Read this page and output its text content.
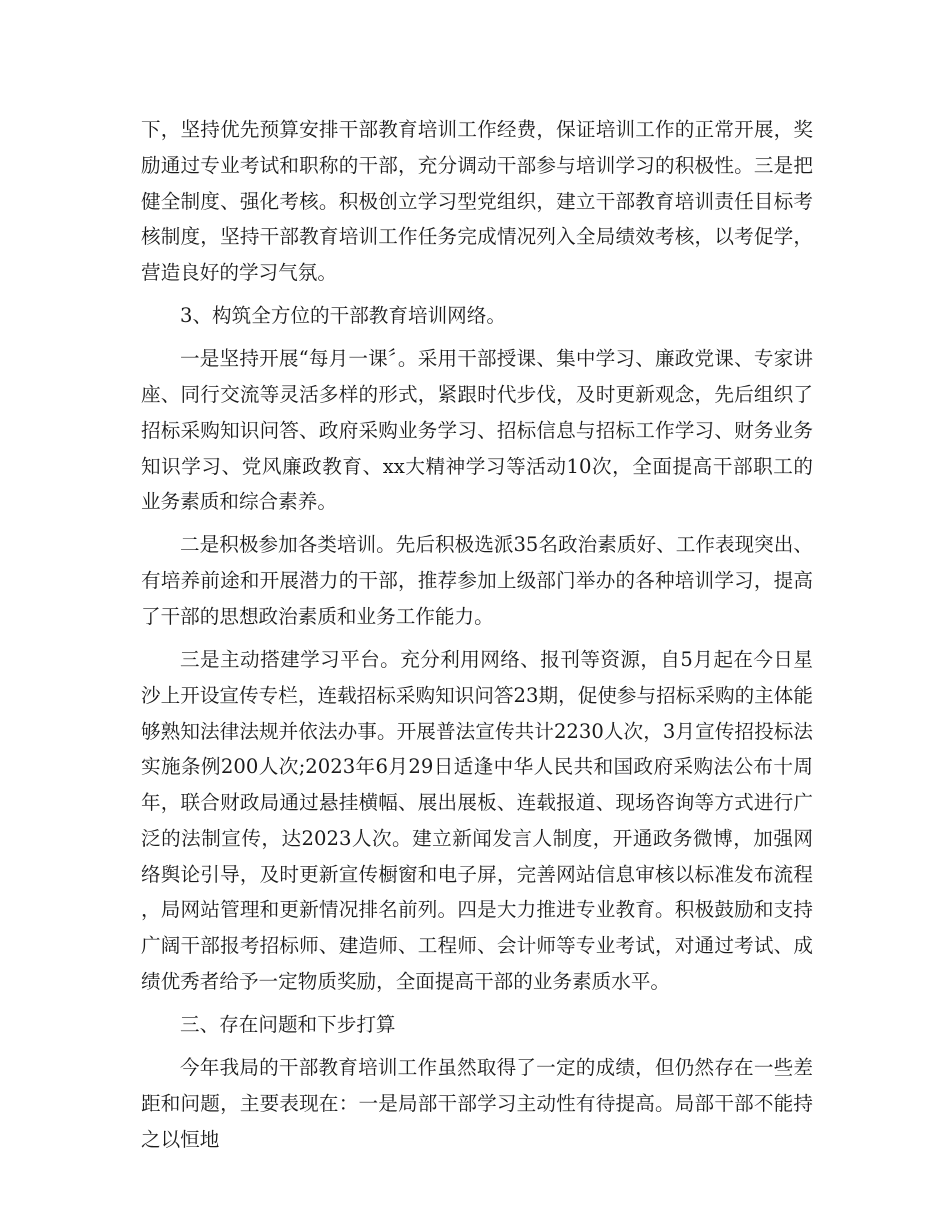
下，坚持优先预算安排干部教育培训工作经费，保证培训工作的正常开展，奖励通过专业考试和职称的干部，充分调动干部参与培训学习的积极性。三是把健全制度、强化考核。积极创立学习型党组织，建立干部教育培训责任目标考核制度，坚持干部教育培训工作任务完成情况列入全局绩效考核，以考促学，营造良好的学习气氛。

3、构筑全方位的干部教育培训网络。

一是坚持开展“每月一课〞。采用干部授课、集中学习、廉政党课、专家讲座、同行交流等灵活多样的形式，紧跟时代步伐，及时更新观念，先后组织了招标采购知识问答、政府采购业务学习、招标信息与招标工作学习、财务业务知识学习、党风廉政教育、xx大精神学习等活动10次，全面提高干部职工的业务素质和综合素养。

二是积极参加各类培训。先后积极选派35名政治素质好、工作表现突出、有培养前途和开展潜力的干部，推荐参加上级部门举办的各种培训学习，提高了干部的思想政治素质和业务工作能力。

三是主动搭建学习平台。充分利用网络、报刊等资源，自5月起在今日星沙上开设宣传专栏，连载招标采购知识问答23期，促使参与招标采购的主体能够熟知法律法规并依法办事。开展普法宣传共计2230人次，3月宣传招投标法实施条例200人次;2023年6月29日适逢中华人民共和国政府采购法公布十周年，联合财政局通过悬挂横幅、展出展板、连载报道、现场咨询等方式进行广泛的法制宣传，达2023人次。建立新闻发言人制度，开通政务微博，加强网络舆论引导，及时更新宣传橱窗和电子屏，完善网站信息审核以标准发布流程，局网站管理和更新情况排名前列。四是大力推进专业教育。积极鼓励和支持广阔干部报考招标师、建造师、工程师、会计师等专业考试，对通过考试、成绩优秀者给予一定物质奖励，全面提高干部的业务素质水平。

三、存在问题和下步打算

今年我局的干部教育培训工作虽然取得了一定的成绩，但仍然存在一些差距和问题，主要表现在：一是局部干部学习主动性有待提高。局部干部不能持之以恒地
